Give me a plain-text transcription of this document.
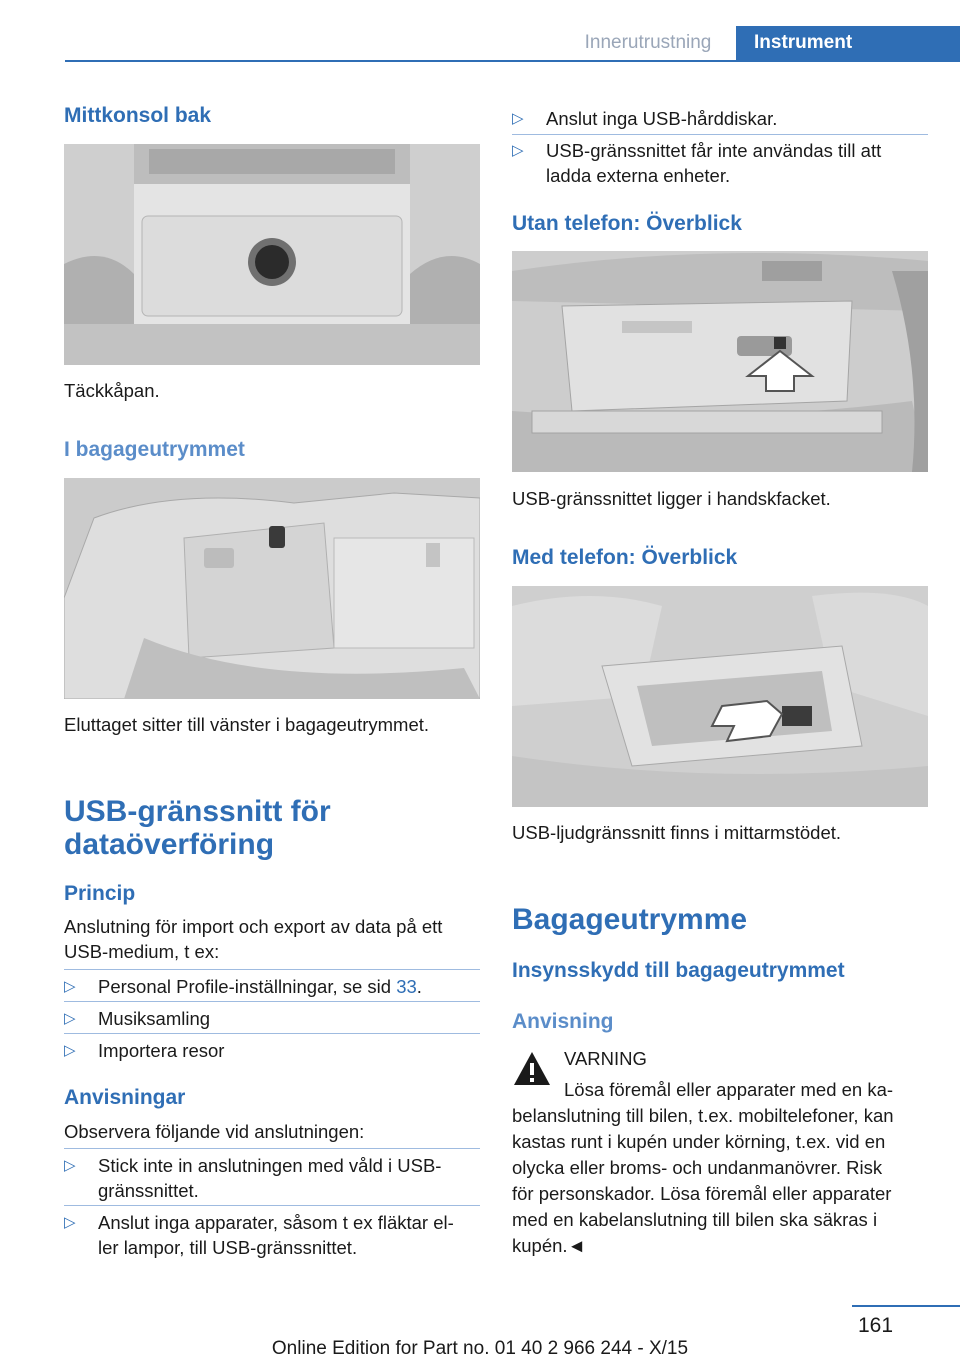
Innerutrustning	Instrument
Mittkonsol bak
Täckkåpan.
I bagageutrymmet
Eluttaget sitter till vänster i bagageutrymmet.
USB-gränssnitt för
dataöverföring
Princip
Anslutning för import och export av data på ett
USB-medium, t ex:
▷ Personal Profile-inställningar, se sid 33.
▷ Musiksamling
▷ Importera resor
Anvisningar
Observera följande vid anslutningen:
▷ Stick inte in anslutningen med våld i USB-
gränssnittet.
▷ Anslut inga apparater, såsom t ex fläktar el-
ler lampor, till USB-gränssnittet.
▷ Anslut inga USB-hårddiskar.
▷ USB-gränssnittet får inte användas till att
ladda externa enheter.
Utan telefon: Överblick
USB-gränssnittet ligger i handskfacket.
Med telefon: Överblick
USB-ljudgränssnitt finns i mittarmstödet.
Bagageutrymme
Insynsskydd till bagageutrymmet
Anvisning
VARNING
Lösa föremål eller apparater med en ka-
belanslutning till bilen, t.ex. mobiltelefoner, kan
kastas runt i kupén under körning, t.ex. vid en
olycka eller broms- och undanmanövrer. Risk
för personskador. Lösa föremål eller apparater
med en kabelanslutning till bilen ska säkras i
kupén.◄
161
Online Edition for Part no. 01 40 2 966 244 - X/15
